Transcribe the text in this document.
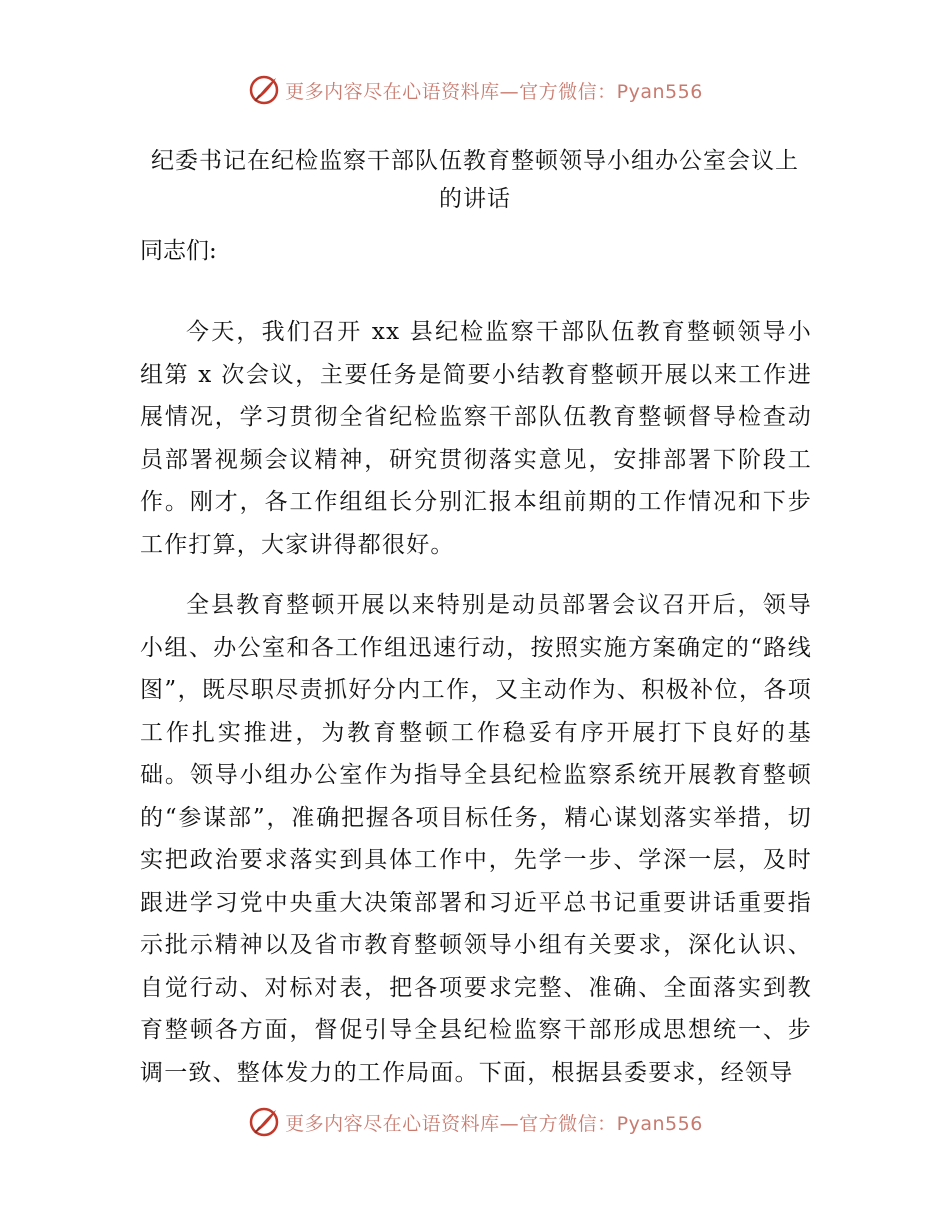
更多内容尽在心语资料库—官方微信：Pyan556
纪委书记在纪检监察干部队伍教育整顿领导小组办公室会议上
的讲话
同志们:

今天，我们召开 xx 县纪检监察干部队伍教育整顿领导小组第 x 次会议，主要任务是简要小结教育整顿开展以来工作进展情况，学习贯彻全省纪检监察干部队伍教育整顿督导检查动员部署视频会议精神，研究贯彻落实意见，安排部署下阶段工作。刚才，各工作组组长分别汇报本组前期的工作情况和下步工作打算，大家讲得都很好。

全县教育整顿开展以来特别是动员部署会议召开后，领导小组、办公室和各工作组迅速行动，按照实施方案确定的“路线图”，既尽职尽责抓好分内工作，又主动作为、积极补位，各项工作扎实推进，为教育整顿工作稳妥有序开展打下良好的基础。领导小组办公室作为指导全县纪检监察系统开展教育整顿的“参谋部”，准确把握各项目标任务，精心谋划落实举措，切实把政治要求落实到具体工作中，先学一步、学深一层，及时跟进学习党中央重大决策部署和习近平总书记重要讲话重要指示批示精神以及省市教育整顿领导小组有关要求，深化认识、自觉行动、对标对表，把各项要求完整、准确、全面落实到教育整顿各方面，督促引导全县纪检监察干部形成思想统一、步调一致、整体发力的工作局面。下面，根据县委要求，经领导

更多内容尽在心语资料库—官方微信：Pyan556
